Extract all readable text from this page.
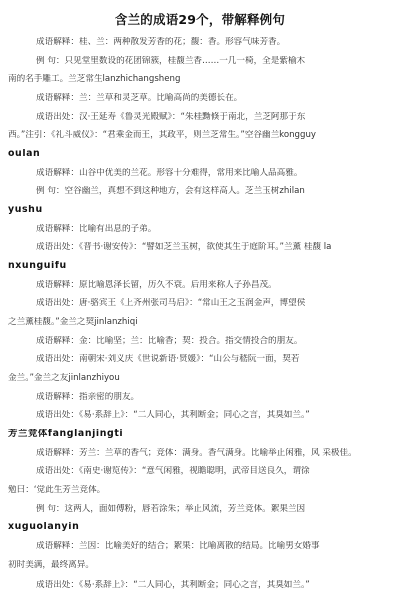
含兰的成语29个，带解释例句
成语解释：桂、兰：两种散发芳香的花；馥：香。形容气味芳香。
例 句：只见堂里数设的花团锦簇，桂馥兰香……一几一椅，全是紫榆木
南的名手雕工。兰芝常生lanzhichangsheng
成语解释：兰：兰草和灵芝草。比喻高尚的美德长在。
成语出处：汉·王延寿《鲁灵光殿赋》：“朱桂黝倏于南北，兰芝阿那于东
西。”注引：《礼斗威仪》：“君乘金而王，其政平，则兰芝常生。”空谷幽兰kongguy
oulan
成语解释：山谷中优美的兰花。形容十分难得，常用来比喻人品高雅。
例 句：空谷幽兰，真想不到这种地方，会有这样高人。芝兰玉树zhilan
yushu
成语解释：比喻有出息的子弟。
成语出处：《晋书·谢安传》：“譬如芝兰玉树，欲使其生于庭阶耳。”兰薰 桂馥 la
nxunguifu
成语解释：原比喻恩泽长留，历久不衰。后用来称人子孙昌茂。
成语出处：唐·骆宾王《上齐州张司马启》：“常山王之玉润金声，博望侯
之兰薰桂馥。”金兰之契jinlanzhiqi
成语解释：金：比喻坚；兰：比喻香；契：投合。指交情投合的朋友。
成语出处：南朝宋·刘义庆《世说新语·贤媛》：“山公与嵇阮一面，契若
金兰。”金兰之友jinlanzhiyou
成语解释：指亲密的朋友。
成语出处：《易·系辞上》：“二人同心，其利断金；同心之言，其臭如兰。”
芳兰竞体fanglanjingti
成语解释：芳兰：兰草的香气；竞体：满身。香气满身。比喻举止闲雅，风 采极佳。
成语出处：《南史·谢览传》：“意气闲雅，视瞻聪明，武帝目送良久，谓徐
勉曰：‘觉此生芳兰竞体。
例 句：这两人，面如傅粉，唇若涂朱；举止风流，芳兰竞体。絮果兰因
xuguolanyin
成语解释：兰因：比喻美好的结合；絮果：比喻离散的结局。比喻男女婚事
初时美满，最终离异。
成语出处：《易·系辞上》：“二人同心，其利断金；同心之言，其臭如兰。”
